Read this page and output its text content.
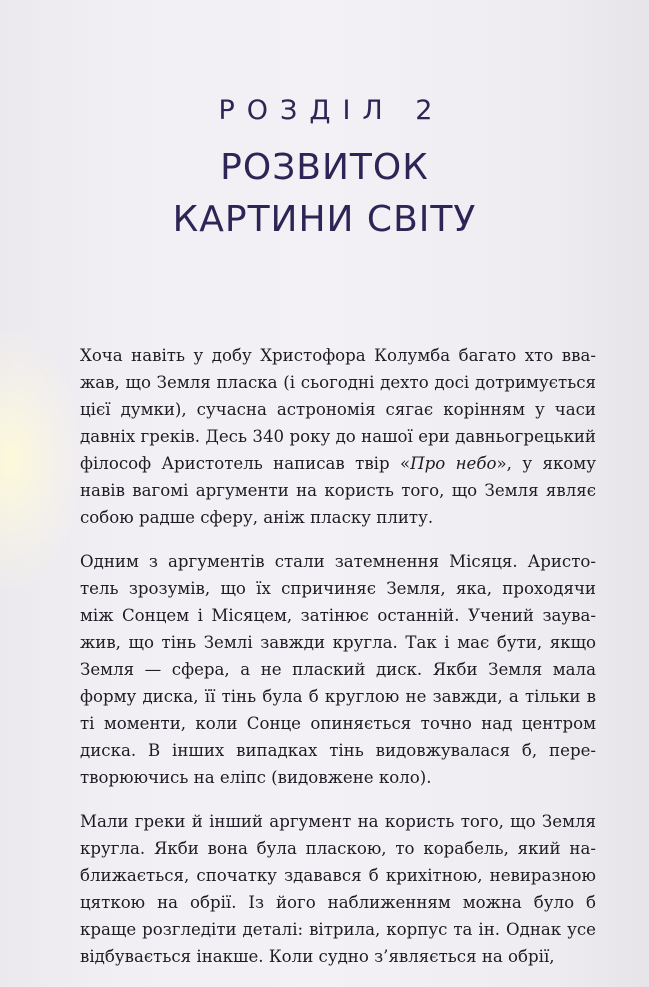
РОЗДІЛ 2
РОЗВИТОК
КАРТИНИ СВІТУ

Хоча навіть у добу Христофора Колумба багато хто вважав, що Земля пласка (і сьогодні дехто досі дотримується цієї думки), сучасна астрономія сягає корінням у часи давніх греків. Десь 340 року до нашої ери давньогрецький філософ Аристотель написав твір «Про небо», у якому навів вагомі аргументи на користь того, що Земля являє собою радше сферу, аніж пласку плиту.

Одним з аргументів стали затемнення Місяця. Аристотель зрозумів, що їх спричиняє Земля, яка, проходячи між Сонцем і Місяцем, затінює останній. Учений зауважив, що тінь Землі завжди кругла. Так і має бути, якщо Земля — сфера, а не плаский диск. Якби Земля мала форму диска, її тінь була б круглою не завжди, а тільки в ті моменти, коли Сонце опиняється точно над центром диска. В інших випадках тінь видовжувалася б, перетворюючись на еліпс (видовжене коло).

Мали греки й інший аргумент на користь того, що Земля кругла. Якби вона була пласкою, то корабель, який наближається, спочатку здавався б крихітною, невиразною цяткою на обрії. Із його наближенням можна було б краще розгледіти деталі: вітрила, корпус та ін. Однак усе відбувається інакше. Коли судно з’являється на обрії,
